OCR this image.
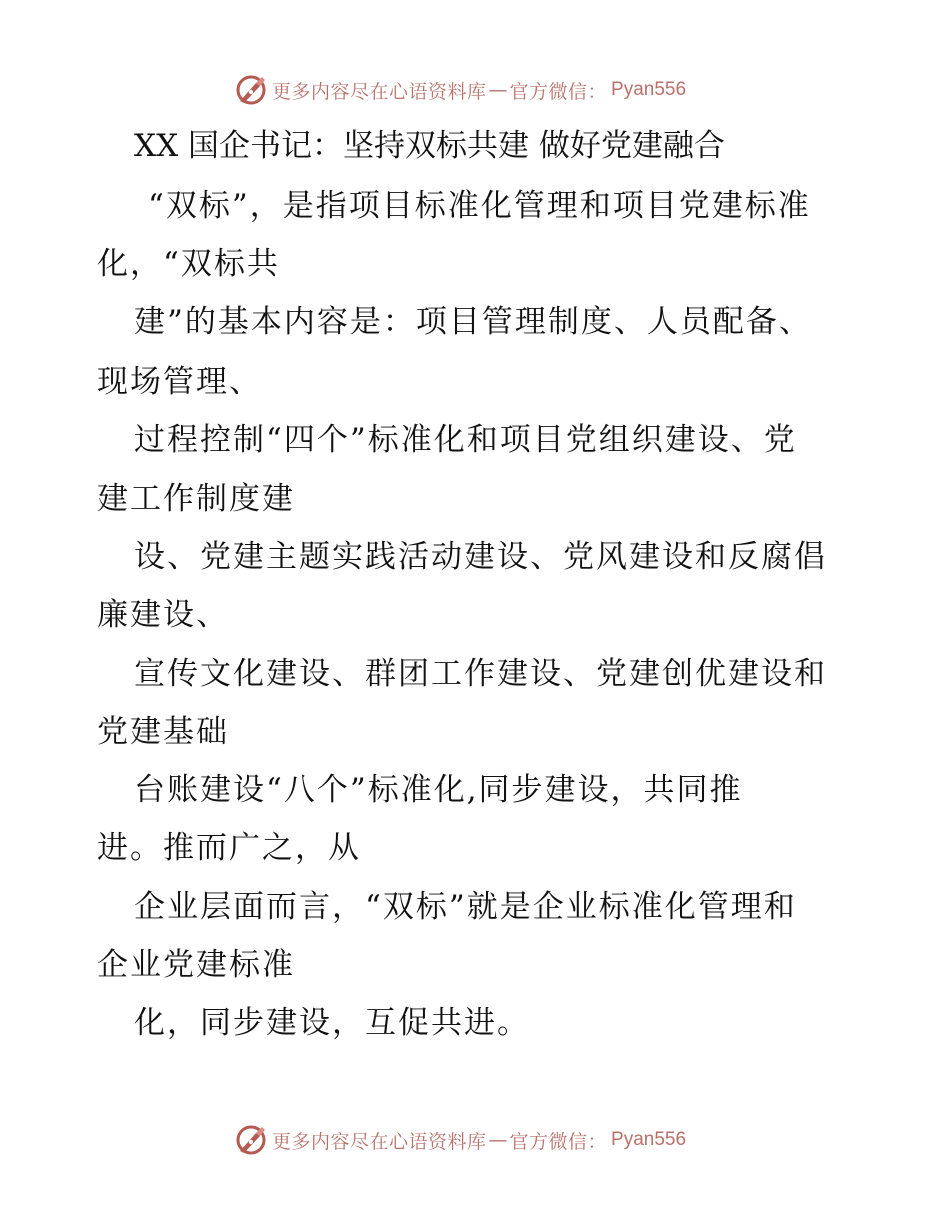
更多内容尽在心语资料库 — 官方微信： Pyan556
XX 国企书记：坚持双标共建 做好党建融合
“双标”，是指项目标准化管理和项目党建标准
化，“双标共
建”的基本内容是：项目管理制度、人员配备、
现场管理、
过程控制“四个”标准化和项目党组织建设、党
建工作制度建
设、党建主题实践活动建设、党风建设和反腐倡
廉建设、
宣传文化建设、群团工作建设、党建创优建设和
党建基础
台账建设“八个”标准化,同步建设，共同推
进。推而广之，从
企业层面而言，“双标”就是企业标准化管理和
企业党建标准
化，同步建设，互促共进。
更多内容尽在心语资料库 — 官方微信： Pyan556
